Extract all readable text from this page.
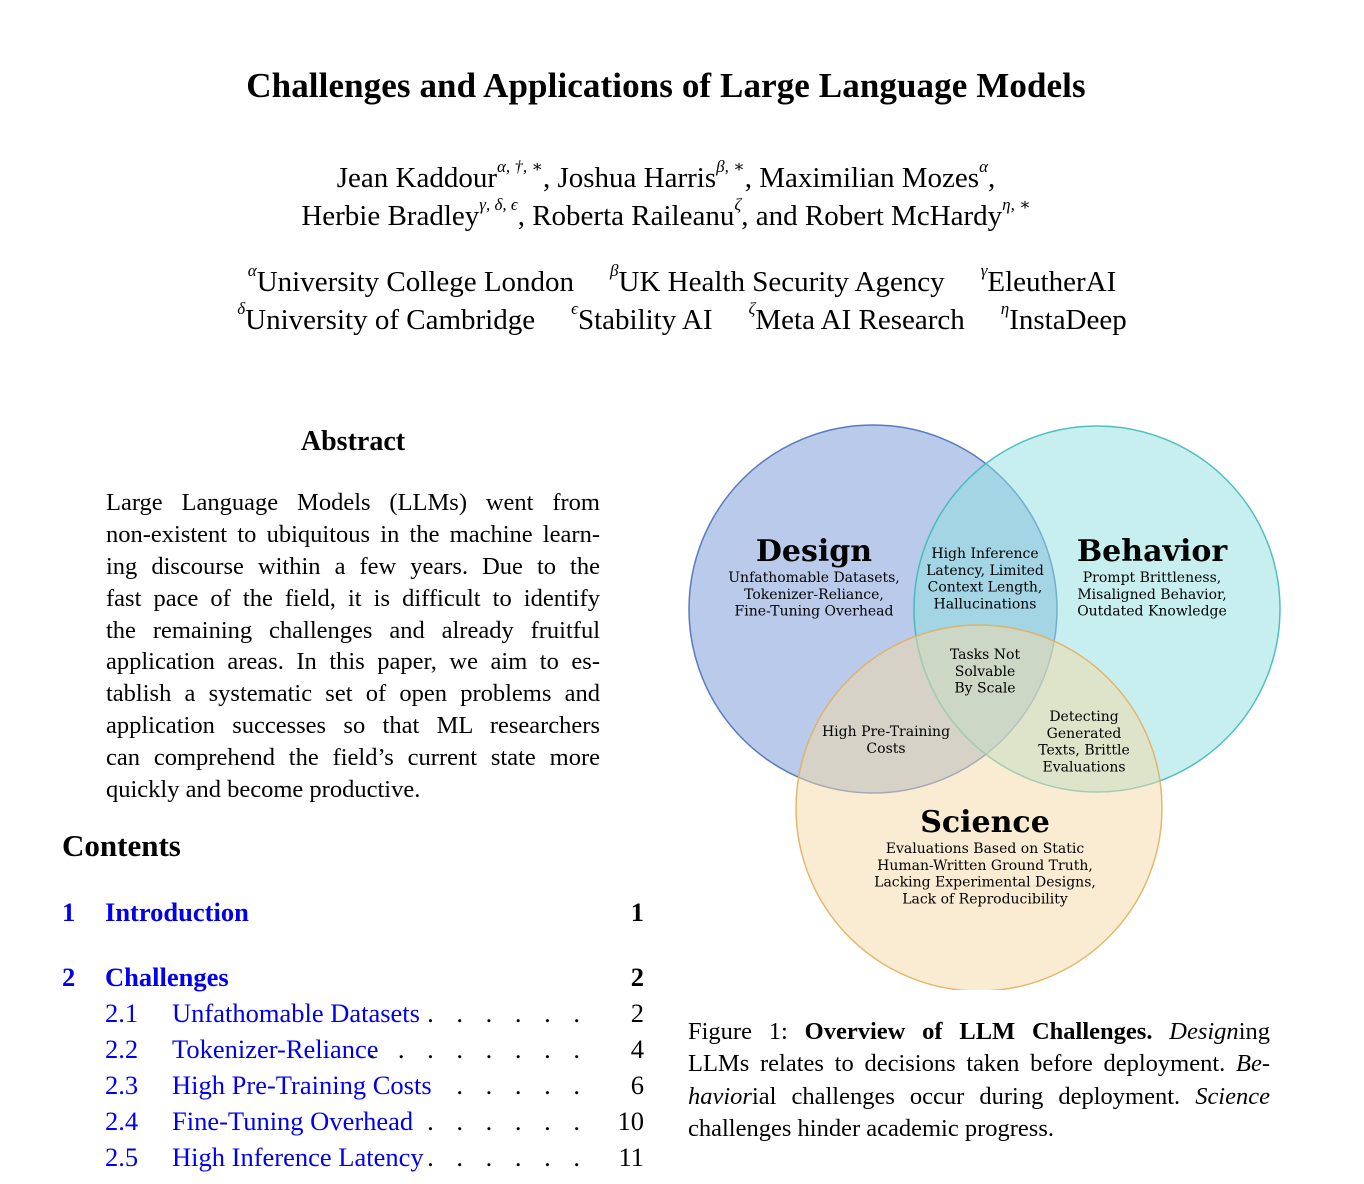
Challenges and Applications of Large Language Models
Jean Kaddour$^{\alpha, \dagger, ∗}$, Joshua Harris$^{\beta, ∗}$, Maximilian Mozes$^\alpha$,
Herbie Bradley$^{\gamma, \delta, \epsilon}$, Roberta Raileanu$^\zeta$, and Robert McHardy$^{\eta, ∗}$
$^\alpha$University College London $^\beta$UK Health Security Agency $^\gamma$EleutherAI
$^\delta$University of Cambridge $^\epsilon$Stability AI $^\zeta$Meta AI Research $^\eta$InstaDeep
Abstract
Large Language Models (LLMs) went from
non-existent to ubiquitous in the machine learn-
ing discourse within a few years. Due to the
fast pace of the field, it is difficult to identify
the remaining challenges and already fruitful
application areas. In this paper, we aim to es-
tablish a systematic set of open problems and
application successes so that ML researchers
can comprehend the field’s current state more
quickly and become productive.
Contents
1 Introduction	1
2 Challenges	2
2.1 Unfathomable Datasets . . . . . . 2
2.2 Tokenizer-Reliance
. . . . . . . . 4
2.3 High Pre-Training Costs . . . . . 6
2.4 Fine-Tuning Overhead . . . . . . 10
2.5 High Inference Latency . . . . . . 11
Design
Unfathomable Datasets,
Tokenizer-Reliance,
Fine-Tuning Overhead
Behavior
Prompt Brittleness,
Misaligned Behavior,
Outdated Knowledge
Science
Evaluations Based on Static
Human-Written Ground Truth,
Lacking Experimental Designs,
Lack of Reproducibility
High Inference
Latency, Limited
Context Length,
Hallucinations
Tasks Not
Solvable
By Scale
High Pre-Training
Costs
Detecting
Generated
Texts, Brittle
Evaluations
Figure 1: Overview of LLM Challenges. Designing
LLMs relates to decisions taken before deployment. Be-
haviorial challenges occur during deployment. Science
challenges hinder academic progress.
